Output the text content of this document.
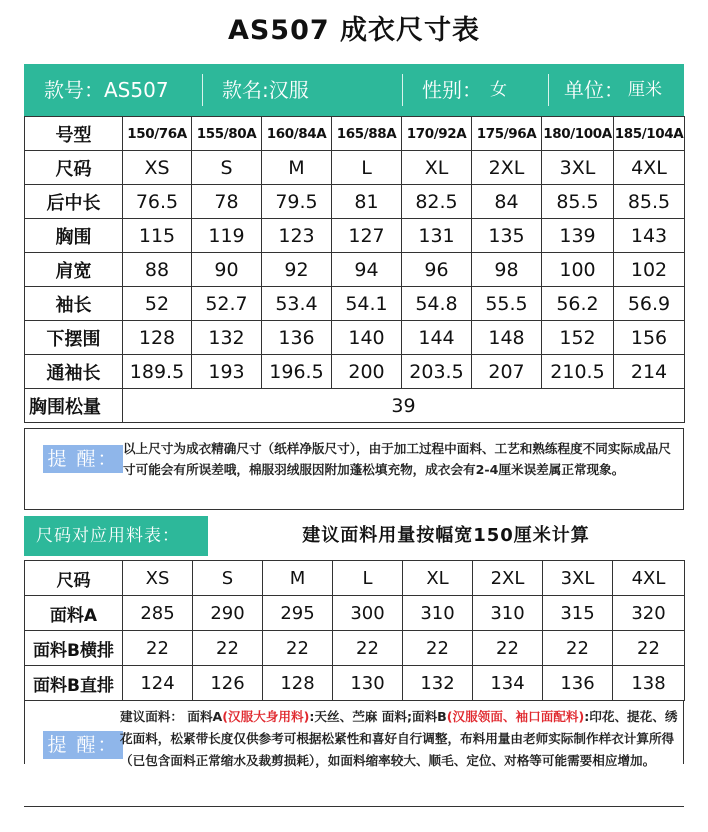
AS507 成衣尺寸表
款号：AS507	款名:汉服	性别： 女	单位： 厘米
号型	150/76A	155/80A	160/84A	165/88A	170/92A	175/96A	180/100A	185/104A
尺码	XS	S	M	L	XL	2XL	3XL	4XL
后中长	76.5	78	79.5	81	82.5	84	85.5	85.5
胸围	115	119	123	127	131	135	139	143
肩宽	88	90	92	94	96	98	100	102
袖长	52	52.7	53.4	54.1	54.8	55.5	56.2	56.9
下摆围	128	132	136	140	144	148	152	156
通袖长	189.5	193	196.5	200	203.5	207	210.5	214
胸围松量	39							
提 醒： 以上尺寸为成衣精确尺寸（纸样净版尺寸），由于加工过程中面料、工艺和熟练程度不同实际成品尺寸可能会有所误差哦，棉服羽绒服因附加蓬松填充物，成衣会有2-4厘米误差属正常现象。
尺码对应用料表：	建议面料用量按幅宽150厘米计算
尺码	XS	S	M	L	XL	2XL	3XL	4XL
面料A	285	290	295	300	310	310	315	320
面料B横排	22	22	22	22	22	22	22	22
面料B直排	124	126	128	130	132	134	136	138
提 醒：
建议面料： 面料A(汉服大身用料):天丝、苎麻 面料;面料B(汉服领面、袖口面配料):印花、提花、绣花面料，松紧带长度仅供参考可根据松紧性和喜好自行调整，布料用量由老师实际制作样衣计算所得（已包含面料正常缩水及裁剪损耗），如面料缩率较大、顺毛、定位、对格等可能需要相应增加。
